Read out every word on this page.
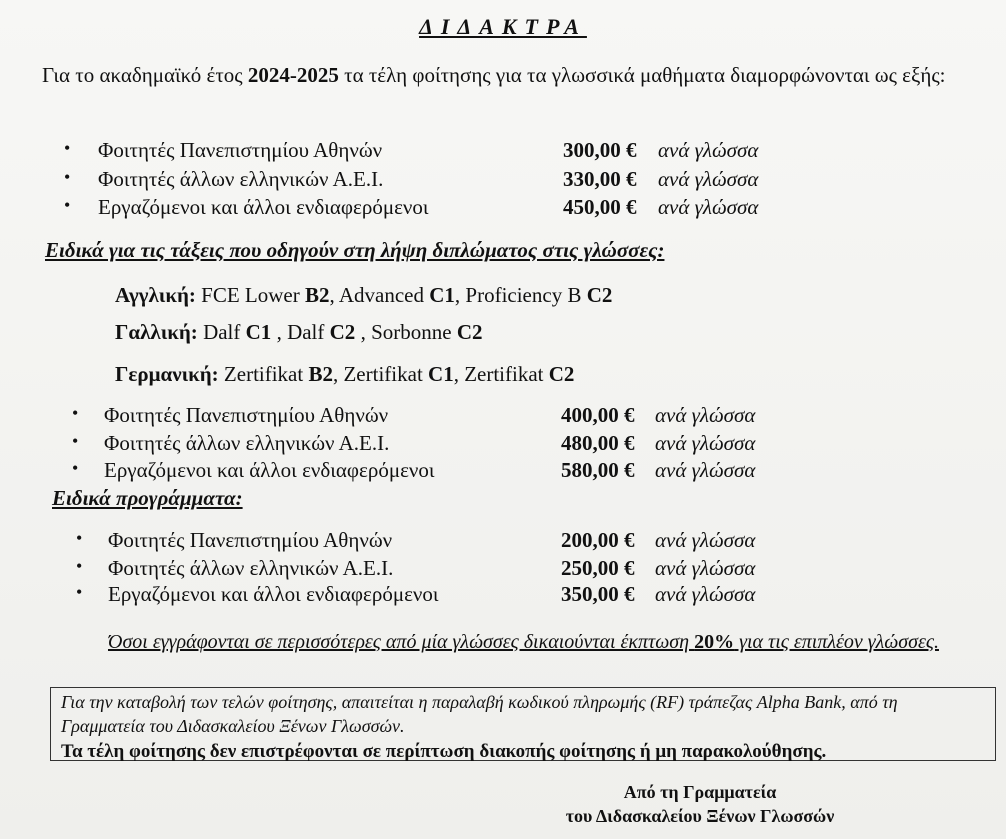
ΔΙΔΑΚΤΡΑ
Για το ακαδημαϊκό έτος 2024-2025 τα τέλη φοίτησης για τα γλωσσικά μαθήματα διαμορφώνονται ως εξής:
• Φοιτητές Πανεπιστημίου Αθηνών	300,00 € ανά γλώσσα
• Φοιτητές άλλων ελληνικών Α.Ε.Ι.	330,00 € ανά γλώσσα
• Εργαζόμενοι και άλλοι ενδιαφερόμενοι	450,00 € ανά γλώσσα
Ειδικά για τις τάξεις που οδηγούν στη λήψη διπλώματος στις γλώσσες:
Αγγλική: FCE Lower B2, Advanced C1, Proficiency B C2
Γαλλική: Dalf C1 , Dalf C2 , Sorbonne C2
Γερμανική: Zertifikat B2, Zertifikat C1, Zertifikat C2
• Φοιτητές Πανεπιστημίου Αθηνών	400,00 € ανά γλώσσα
• Φοιτητές άλλων ελληνικών Α.Ε.Ι.	480,00 € ανά γλώσσα
• Εργαζόμενοι και άλλοι ενδιαφερόμενοι	580,00 € ανά γλώσσα
Ειδικά προγράμματα:
• Φοιτητές Πανεπιστημίου Αθηνών	200,00 € ανά γλώσσα
• Φοιτητές άλλων ελληνικών Α.Ε.Ι.	250,00 € ανά γλώσσα
• Εργαζόμενοι και άλλοι ενδιαφερόμενοι	350,00 € ανά γλώσσα
Όσοι εγγράφονται σε περισσότερες από μία γλώσσες δικαιούνται έκπτωση 20% για τις επιπλέον γλώσσες.
Για την καταβολή των τελών φοίτησης, απαιτείται η παραλαβή κωδικού πληρωμής (RF) τράπεζας Alpha Bank, από τη Γραμματεία του Διδασκαλείου Ξένων Γλωσσών.
Τα τέλη φοίτησης δεν επιστρέφονται σε περίπτωση διακοπής φοίτησης ή μη παρακολούθησης.
Από τη Γραμματεία
του Διδασκαλείου Ξένων Γλωσσών
